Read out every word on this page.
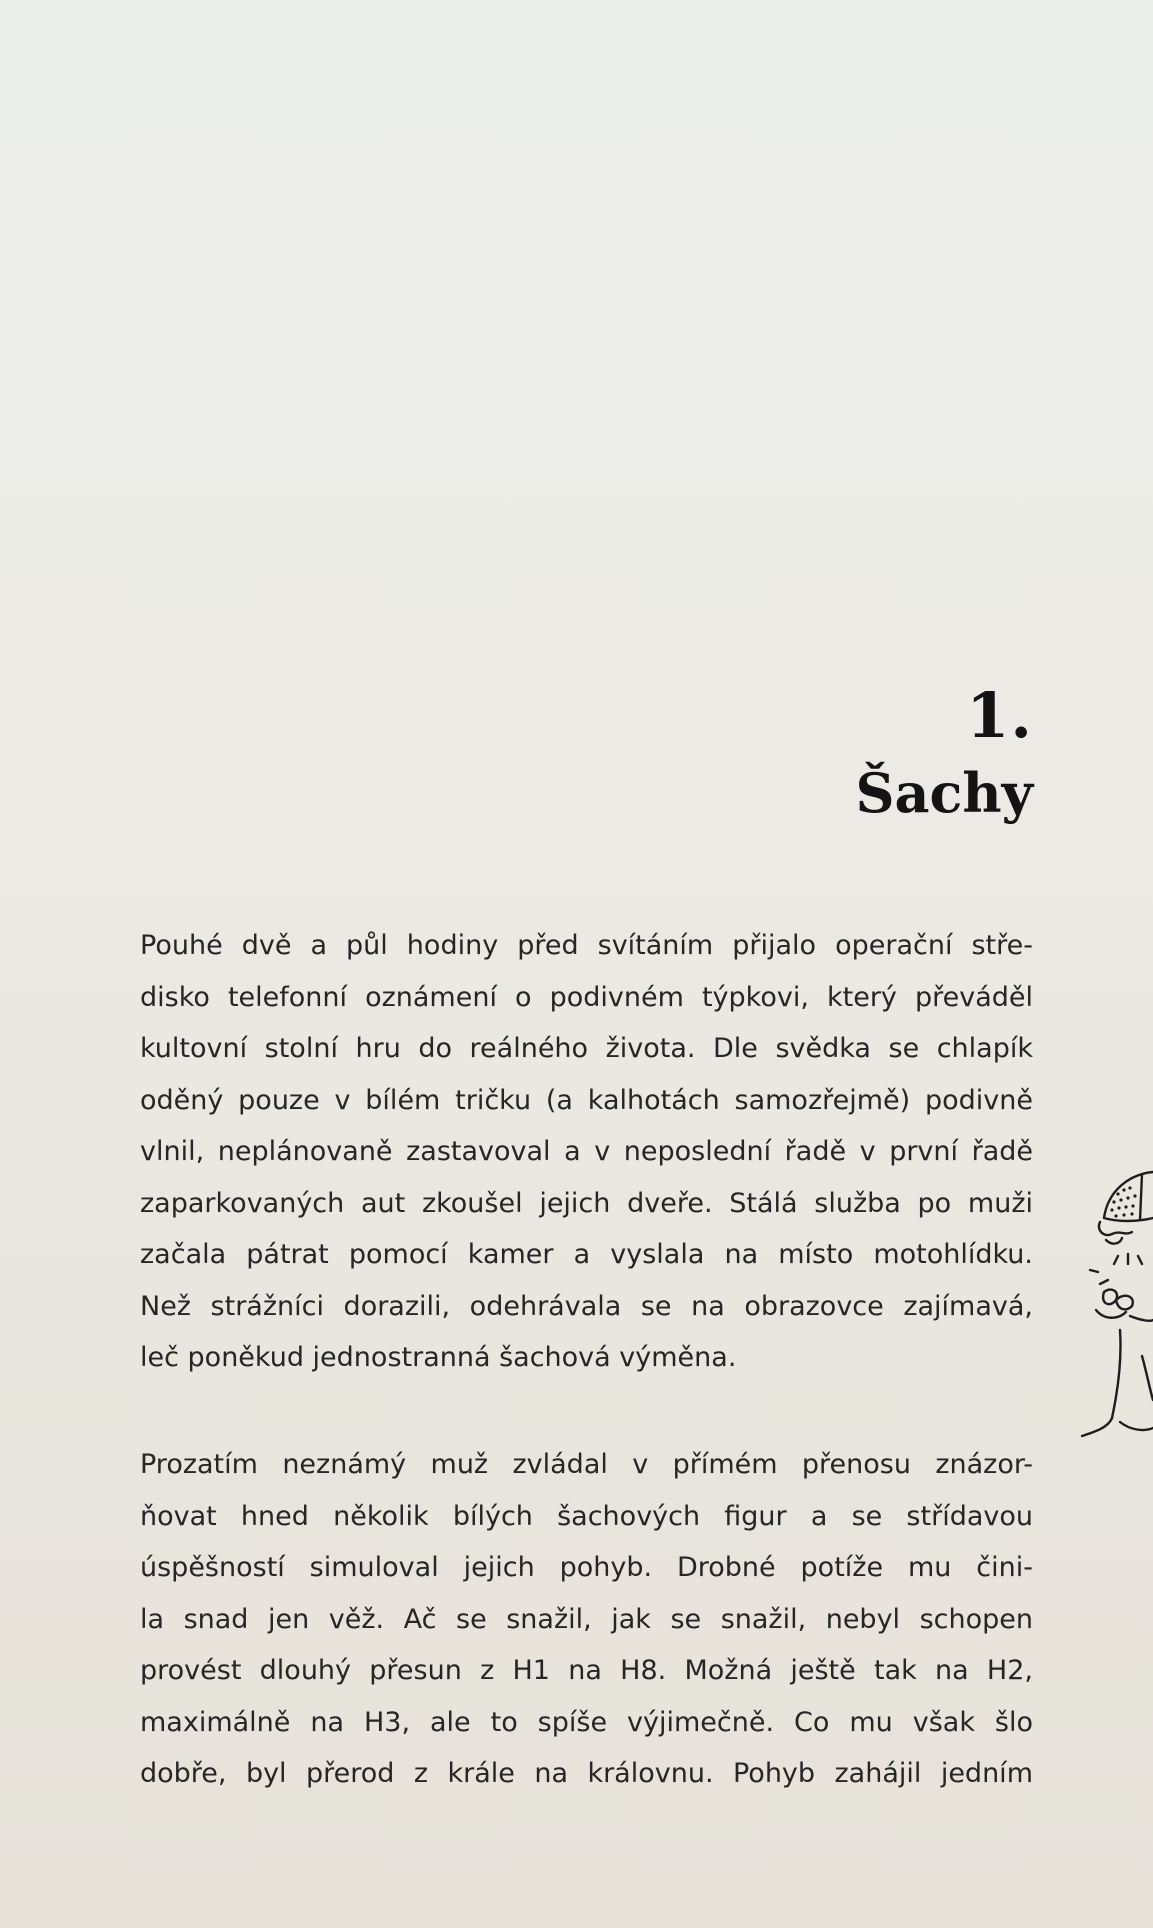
1.
Šachy
Pouhé dvě a půl hodiny před svítáním přijalo operační stře-
disko telefonní oznámení o podivném týpkovi, který převáděl
kultovní stolní hru do reálného života. Dle svědka se chlapík
oděný pouze v bílém tričku (a kalhotách samozřejmě) podivně
vlnil, neplánovaně zastavoval a v neposlední řadě v první řadě
zaparkovaných aut zkoušel jejich dveře. Stálá služba po muži
začala pátrat pomocí kamer a vyslala na místo motohlídku.
Než strážníci dorazili, odehrávala se na obrazovce zajímavá,
leč poněkud jednostranná šachová výměna.
Prozatím neznámý muž zvládal v přímém přenosu znázor-
ňovat hned několik bílých šachových figur a se střídavou
úspěšností simuloval jejich pohyb. Drobné potíže mu čini-
la snad jen věž. Ač se snažil, jak se snažil, nebyl schopen
provést dlouhý přesun z H1 na H8. Možná ještě tak na H2,
maximálně na H3, ale to spíše výjimečně. Co mu však šlo
dobře, byl přerod z krále na královnu. Pohyb zahájil jedním
